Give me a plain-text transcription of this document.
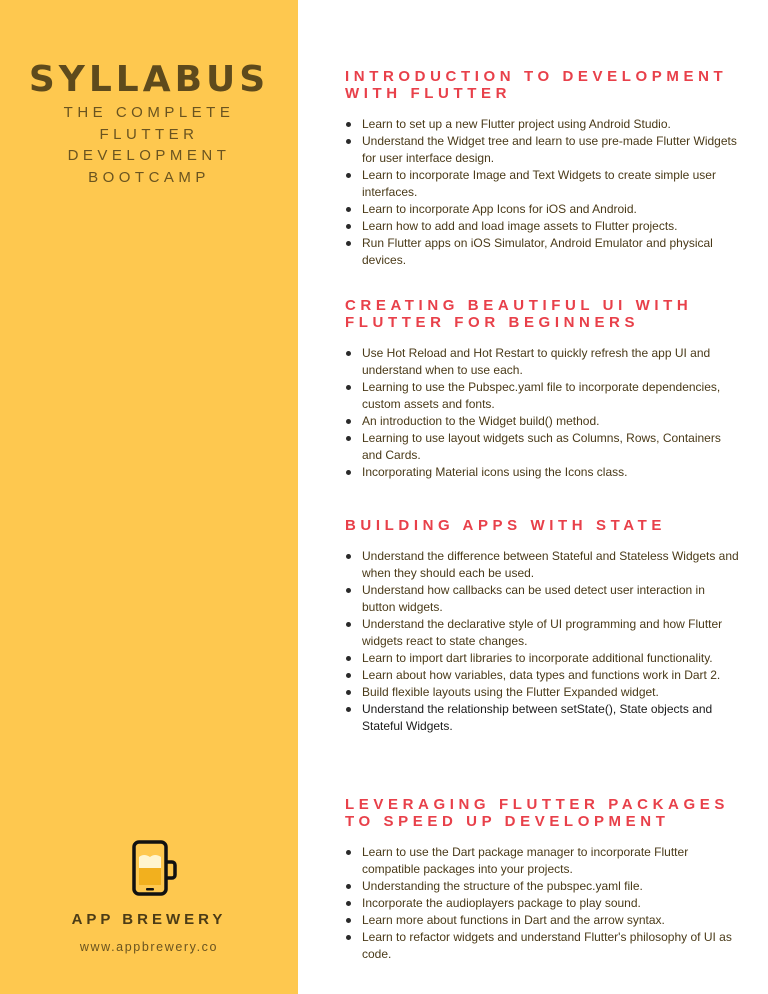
SYLLABUS
THE COMPLETE FLUTTER DEVELOPMENT BOOTCAMP
APP BREWERY
www.appbrewery.co
INTRODUCTION TO DEVELOPMENT WITH FLUTTER
Learn to set up a new Flutter project using Android Studio.
Understand the Widget tree and learn to use pre-made Flutter Widgets for user interface design.
Learn to incorporate Image and Text Widgets to create simple user interfaces.
Learn to incorporate App Icons for iOS and Android.
Learn how to add and load image assets to Flutter projects.
Run Flutter apps on iOS Simulator, Android Emulator and physical devices.
CREATING BEAUTIFUL UI WITH FLUTTER FOR BEGINNERS
Use Hot Reload and Hot Restart to quickly refresh the app UI and understand when to use each.
Learning to use the Pubspec.yaml file to incorporate dependencies, custom assets and fonts.
An introduction to the Widget build() method.
Learning to use layout widgets such as Columns, Rows, Containers and Cards.
Incorporating Material icons using the Icons class.
BUILDING APPS WITH STATE
Understand the difference between Stateful and Stateless Widgets and when they should each be used.
Understand how callbacks can be used detect user interaction in button widgets.
Understand the declarative style of UI programming and how Flutter widgets react to state changes.
Learn to import dart libraries to incorporate additional functionality.
Learn about how variables, data types and functions work in Dart 2.
Build flexible layouts using the Flutter Expanded widget.
Understand the relationship between setState(), State objects and Stateful Widgets.
LEVERAGING FLUTTER PACKAGES TO SPEED UP DEVELOPMENT
Learn to use the Dart package manager to incorporate Flutter compatible packages into your projects.
Understanding the structure of the pubspec.yaml file.
Incorporate the audioplayers package to play sound.
Learn more about functions in Dart and the arrow syntax.
Learn to refactor widgets and understand Flutter's philosophy of UI as code.
